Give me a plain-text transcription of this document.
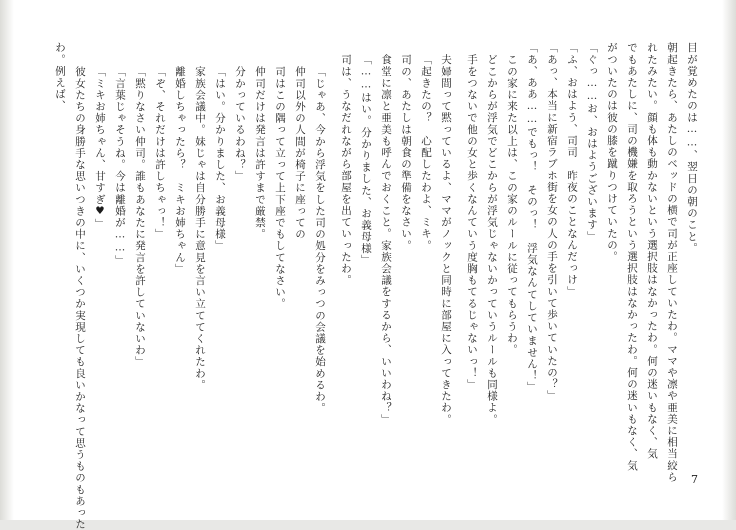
目が覚めたのは……、翌日の朝のこと。
朝起きたら、あたしのベッドの横で司が正座していたわ。ママや凛や亜美に相当絞ら
れたみたい。顔も体も動かないという選択肢はなかったわ。何の迷いもなく、気
でもあたしに、司の機嫌を取ろうという選択肢はなかったわ。何の迷いもなく、気
がついたのは彼の膝を蹴りつけていたの。
「ぐっ……お、おはようございます」
「ふ、おはよう、司司　昨夜のことなんだっけ」
「あっ、本当に新宿ラブホ街を女の人の手を引いて歩いていたの？」
「あ、ああ……でもっ！　そのっ！　浮気なんてしていません！」
この家に来た以上は、この家のルールに従ってもらうわ。
どこからが浮気でどこからが浮気じゃないかっていうルールも同様よ。
手をつないで他の女と歩くなんていう度胸もてるじゃないっ！」
夫婦間って黙っているよ、ママがノックと同時に部屋に入ってきたわ。
「起きたの？　心配したわよ、ミキ。
司の、あたしは朝食の準備をなさい。
食堂に凛と亜美も呼んでおくこと。家族会議をするから、いいわね？」
「……はい。分かりました、お義母様」
司は、うなだれながら部屋を出ていったわ。
「じゃあ、今から浮気をした司の処分をみっつの会議を始めるわ。
仲司以外の人間が椅子に座っての
司はこの隅って立って上下座でもしてなさい。
仲司だけは発言は許すまで厳禁。
分かっているわね？」
「はい。分かりました、お義母様」
家族会議中。妹じゃは自分勝手に意見を言い立ててくれたわ。
離婚しちゃったら？　ミキお姉ちゃん」
「ぞ、それだけは許しちゃっ！」
「黙りなさい仲司。誰もあなたに発言を許していないわ」
「言葉じゃそうね。今は離婚が……」
「ミキお姉ちゃん、甘すぎ♥」
彼女たちの身勝手な思いつきの中に、いくつか実現しても良いかなって思うものもあった
わ。例えば、
7
